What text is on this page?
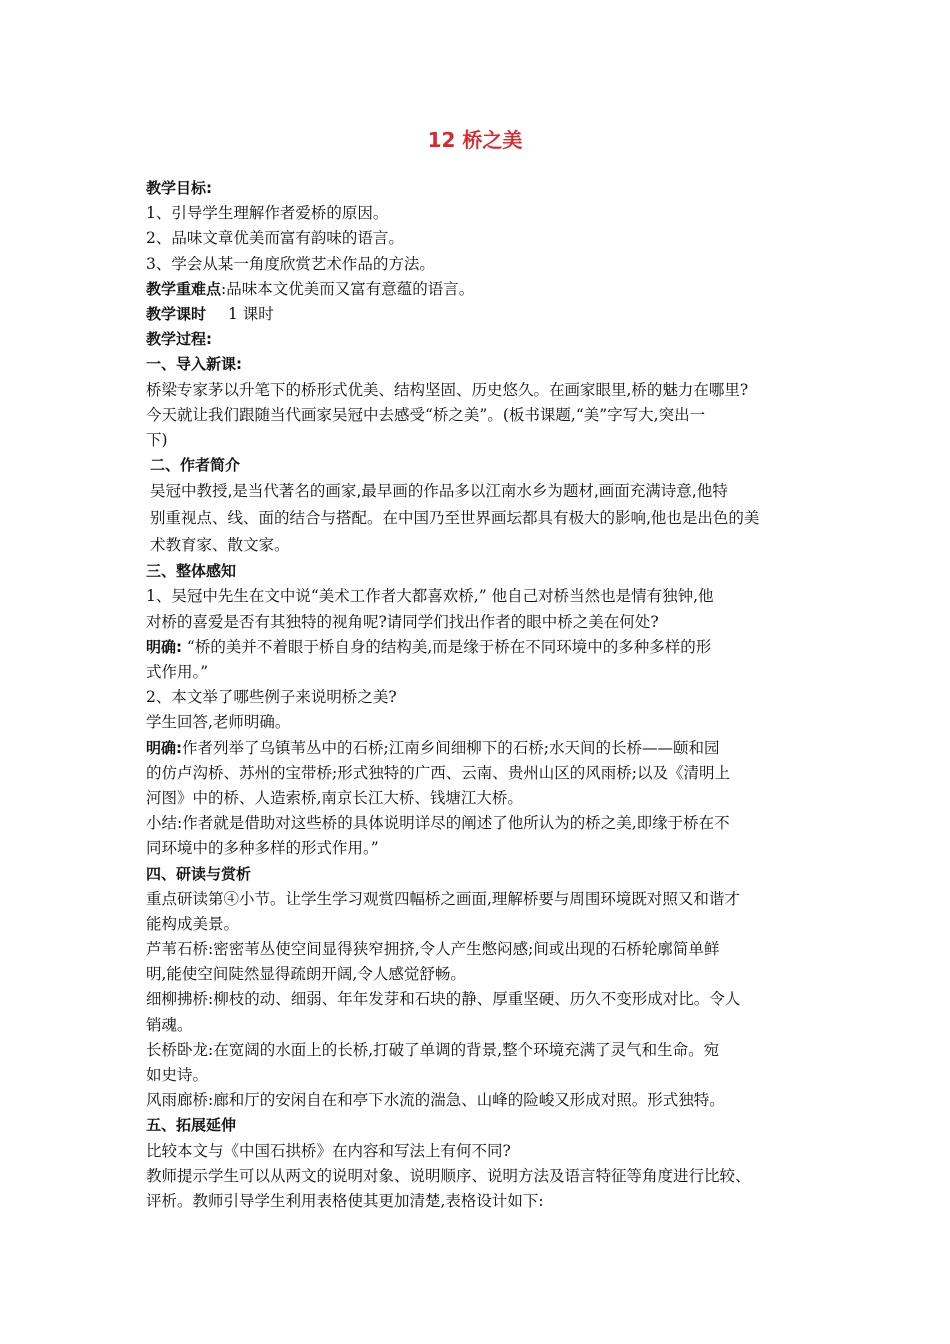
12 桥之美
教学目标:
1、引导学生理解作者爱桥的原因。
2、品味文章优美而富有韵味的语言。
3、学会从某一角度欣赏艺术作品的方法。
教学重难点:品味本文优美而又富有意蕴的语言。
教学课时 1 课时
教学过程:
一、导入新课:
桥梁专家茅以升笔下的桥形式优美、结构坚固、历史悠久。在画家眼里,桥的魅力在哪里?
今天就让我们跟随当代画家吴冠中去感受“桥之美”。(板书课题,“美”字写大,突出一
下)
二、作者简介
吴冠中教授,是当代著名的画家,最早画的作品多以江南水乡为题材,画面充满诗意,他特
别重视点、线、面的结合与搭配。在中国乃至世界画坛都具有极大的影响,他也是出色的美
术教育家、散文家。
三、整体感知
1、吴冠中先生在文中说“美术工作者大都喜欢桥,” 他自己对桥当然也是情有独钟,他
对桥的喜爱是否有其独特的视角呢?请同学们找出作者的眼中桥之美在何处?
明确: “桥的美并不着眼于桥自身的结构美,而是缘于桥在不同环境中的多种多样的形
式作用。”
2、本文举了哪些例子来说明桥之美?
学生回答,老师明确。
明确:作者列举了乌镇苇丛中的石桥;江南乡间细柳下的石桥;水天间的长桥——颐和园
的仿卢沟桥、苏州的宝带桥;形式独特的广西、云南、贵州山区的风雨桥;以及《清明上
河图》中的桥、人造索桥,南京长江大桥、钱塘江大桥。
小结:作者就是借助对这些桥的具体说明详尽的阐述了他所认为的桥之美,即缘于桥在不
同环境中的多种多样的形式作用。”
四、研读与赏析
重点研读第④小节。让学生学习观赏四幅桥之画面,理解桥要与周围环境既对照又和谐才
能构成美景。
芦苇石桥:密密苇丛使空间显得狭窄拥挤,令人产生憋闷感;间或出现的石桥轮廓简单鲜
明,能使空间陡然显得疏朗开阔,令人感觉舒畅。
细柳拂桥:柳枝的动、细弱、年年发芽和石块的静、厚重坚硬、历久不变形成对比。令人
销魂。
长桥卧龙:在宽阔的水面上的长桥,打破了单调的背景,整个环境充满了灵气和生命。宛
如史诗。
风雨廊桥:廊和厅的安闲自在和亭下水流的湍急、山峰的险峻又形成对照。形式独特。
五、拓展延伸
比较本文与《中国石拱桥》在内容和写法上有何不同?
教师提示学生可以从两文的说明对象、说明顺序、说明方法及语言特征等角度进行比较、
评析。教师引导学生利用表格使其更加清楚,表格设计如下:
